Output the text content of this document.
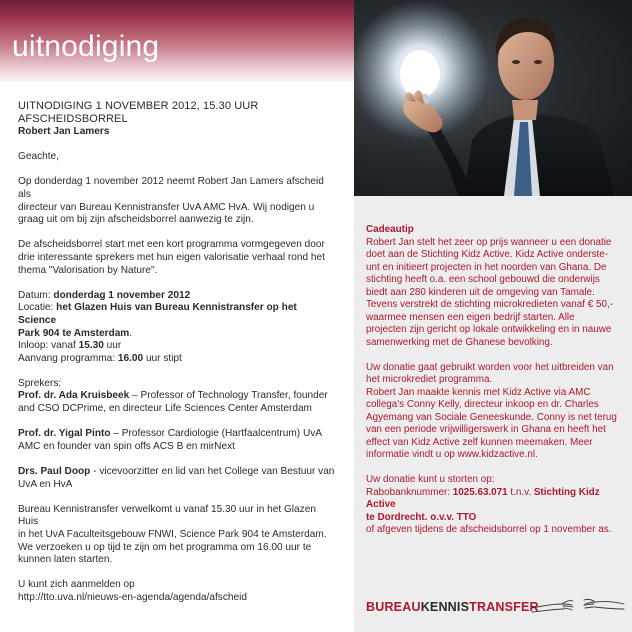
uitnodiging

UITNODIGING 1 NOVEMBER 2012, 15.30 UUR AFSCHEIDSBORREL

Robert Jan Lamers

Geachte,

Op donderdag 1 november 2012 neemt Robert Jan Lamers afscheid als

directeur van Bureau Kennistransfer UvA AMC HvA. Wij nodigen u

graag uit om bij zijn afscheidsborrel aanwezig te zijn.

De afscheidsborrel start met een kort programma vormgegeven door

drie interessante sprekers met hun eigen valorisatie verhaal rond het

thema "Valorisation by Nature".

Datum: donderdag 1 november 2012

Locatie: het Glazen Huis van Bureau Kennistransfer op het Science

Park 904 te Amsterdam.

Inloop: vanaf 15.30 uur

Aanvang programma: 16.00 uur stipt

Sprekers:

Prof. dr. Ada Kruisbeek – Professor of Technology Transfer, founder

and CSO DCPrime, en directeur Life Sciences Center Amsterdam

Prof. dr. Yigal Pinto – Professor Cardiologie (Hartfaalcentrum) UvA

AMC en founder van spin offs ACS B en mirNext

Drs. Paul Doop - vicevoorzitter en lid van het College van Bestuur van

UvA en HvA

Bureau Kennistransfer verwelkomt u vanaf 15.30 uur in het Glazen Huis

in het UvA Faculteitsgebouw FNWI, Science Park 904 te Amsterdam.

We verzoeken u op tijd te zijn om het programma om 16.00 uur te

kunnen laten starten.

U kunt zich aanmelden op

http://tto.uva.nl/nieuws-en-agenda/agenda/afscheid

Cadeautip

Robert Jan stelt het zeer op prijs wanneer u een donatie

doet aan de Stichting Kidz Active. Kidz Active onderste-

unt en initieert projecten in het noorden van Ghana. De

stichting heeft o.a. een school gebouwd die onderwijs

biedt aan 280 kinderen uit de omgeving van Tamale.

Tevens verstrekt de stichting microkredieten vanaf € 50,-

waarmee mensen een eigen bedrijf starten. Alle

projecten zijn gericht op lokale ontwikkeling en in nauwe

samenwerking met de Ghanese bevolking.

Uw donatie gaat gebruikt worden voor het uitbreiden van

het microkrediet programma.

Robert Jan maakte kennis met Kidz Active via AMC

collega's Conny Kelly, directeur inkoop en dr. Charles

Agyemang van Sociale Geneeskunde. Conny is net terug

van een periode vrijwilligerswerk in Ghana en heeft het

effect van Kidz Active zelf kunnen meemaken. Meer

informatie vindt u op www.kidzactive.nl.

Uw donatie kunt u storten op:

Rabobanknummer: 1025.63.071 t.n.v. Stichting Kidz Active

te Dordrecht. o.v.v. TTO

of afgeven tijdens de afscheidsborrel op 1 november as.

BUREAUKENNISTRANSFER
